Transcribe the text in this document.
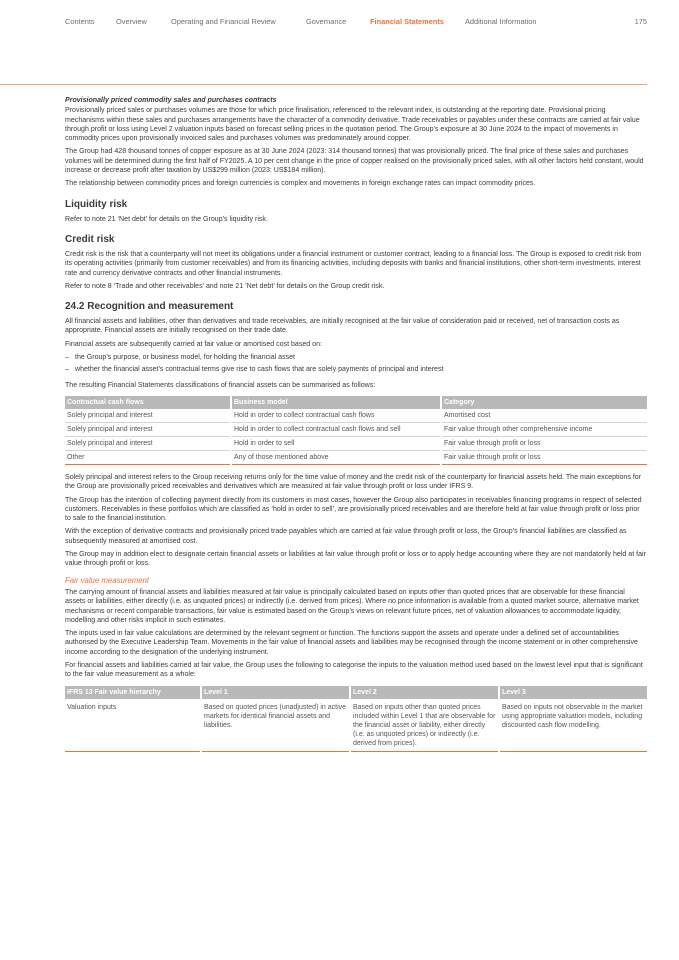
Contents	Overview	Operating and Financial Review	Governance	Financial Statements	Additional Information	175
Provisionally priced commodity sales and purchases contracts

Provisionally priced sales or purchases volumes are those for which price finalisation, referenced to the relevant index, is outstanding at the reporting date. Provisional pricing mechanisms within these sales and purchases arrangements have the character of a commodity derivative. Trade receivables or payables under these contracts are carried at fair value through profit or loss using Level 2 valuation inputs based on forecast selling prices in the quotation period. The Group’s exposure at 30 June 2024 to the impact of movements in commodity prices upon provisionally invoiced sales and purchases volumes was predominately around copper.

The Group had 428 thousand tonnes of copper exposure as at 30 June 2024 (2023: 314 thousand tonnes) that was provisionally priced. The final price of these sales and purchases volumes will be determined during the first half of FY2025. A 10 per cent change in the price of copper realised on the provisionally priced sales, with all other factors held constant, would increase or decrease profit after taxation by US$299 million (2023: US$184 million).

The relationship between commodity prices and foreign currencies is complex and movements in foreign exchange rates can impact commodity prices.

Liquidity risk

Refer to note 21 ‘Net debt’ for details on the Group’s liquidity risk.

Credit risk

Credit risk is the risk that a counterparty will not meet its obligations under a financial instrument or customer contract, leading to a financial loss. The Group is exposed to credit risk from its operating activities (primarily from customer receivables) and from its financing activities, including deposits with banks and financial institutions, other short-term investments, interest rate and currency derivative contracts and other financial instruments.

Refer to note 8 ‘Trade and other receivables’ and note 21 ‘Net debt’ for details on the Group credit risk.

24.2 Recognition and measurement

All financial assets and liabilities, other than derivatives and trade receivables, are initially recognised at the fair value of consideration paid or received, net of transaction costs as appropriate. Financial assets are initially recognised on their trade date.

Financial assets are subsequently carried at fair value or amortised cost based on:

– the Group’s purpose, or business model, for holding the financial asset
– whether the financial asset’s contractual terms give rise to cash flows that are solely payments of principal and interest

The resulting Financial Statements classifications of financial assets can be summarised as follows:

Contractual cash flows	Business model	Category
Solely principal and interest	Hold in order to collect contractual cash flows	Amortised cost
Solely principal and interest	Hold in order to collect contractual cash flows and sell	Fair value through other comprehensive income
Solely principal and interest	Hold in order to sell	Fair value through profit or loss
Other	Any of those mentioned above	Fair value through profit or loss

Solely principal and interest refers to the Group receiving returns only for the time value of money and the credit risk of the counterparty for financial assets held. The main exceptions for the Group are provisionally priced receivables and derivatives which are measured at fair value through profit or loss under IFRS 9.

The Group has the intention of collecting payment directly from its customers in most cases, however the Group also participates in receivables financing programs in respect of selected customers. Receivables in these portfolios which are classified as ‘hold in order to sell’, are provisionally priced receivables and are therefore held at fair value through profit or loss prior to sale to the financial institution.

With the exception of derivative contracts and provisionally priced trade payables which are carried at fair value through profit or loss, the Group’s financial liabilities are classified as subsequently measured at amortised cost.

The Group may in addition elect to designate certain financial assets or liabilities at fair value through profit or loss or to apply hedge accounting where they are not mandatorily held at fair value through profit or loss.

Fair value measurement

The carrying amount of financial assets and liabilities measured at fair value is principally calculated based on inputs other than quoted prices that are observable for these financial assets or liabilities, either directly (i.e. as unquoted prices) or indirectly (i.e. derived from prices). Where no price information is available from a quoted market source, alternative market mechanisms or recent comparable transactions, fair value is estimated based on the Group’s views on relevant future prices, net of valuation allowances to accommodate liquidity, modelling and other risks implicit in such estimates.

The inputs used in fair value calculations are determined by the relevant segment or function. The functions support the assets and operate under a defined set of accountabilities authorised by the Executive Leadership Team. Movements in the fair value of financial assets and liabilities may be recognised through the income statement or in other comprehensive income according to the designation of the underlying instrument.

For financial assets and liabilities carried at fair value, the Group uses the following to categorise the inputs to the valuation method used based on the lowest level input that is significant to the fair value measurement as a whole:

IFRS 13 Fair value hierarchy	Level 1	Level 2	Level 3
Valuation inputs	Based on quoted prices (unadjusted) in active markets for identical financial assets and liabilities.	Based on inputs other than quoted prices included within Level 1 that are observable for the financial asset or liability, either directly (i.e. as unquoted prices) or indirectly (i.e. derived from prices).	Based on inputs not observable in the market using appropriate valuation models, including discounted cash flow modelling.
